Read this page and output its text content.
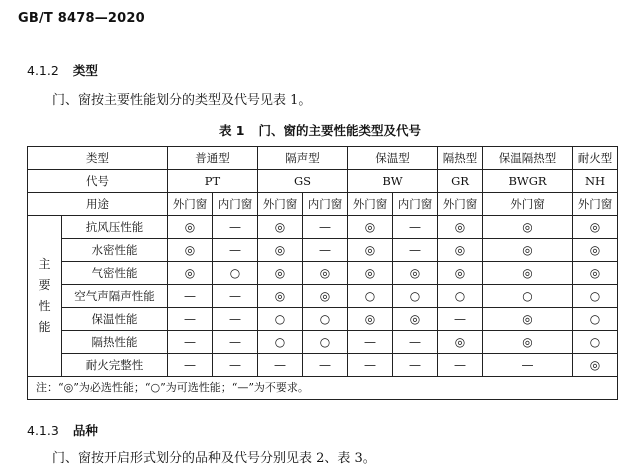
GB/T 8478—2020
4.1.2 类型
门、窗按主要性能划分的类型及代号见表 1。
表 1 门、窗的主要性能类型及代号
类型		普通型		隔声型		保温型		隔热型	保温隔热型	耐火型
代号		PT		GS		BW		GR	BWGR	NH
用途		外门窗	内门窗	外门窗	内门窗	外门窗	内门窗	外门窗	外门窗	外门窗
主
要
性
能	抗风压性能	◎	—	◎	—	◎	—	◎	◎	◎
	水密性能	◎	—	◎	—	◎	—	◎	◎	◎
	气密性能	◎	○	◎	◎	◎	◎	◎	◎	◎
	空气声隔声性能	—	—	◎	◎	○	○	○	○	○
	保温性能	—	—	○	○	◎	◎	—	◎	○
	隔热性能	—	—	○	○	—	—	◎	◎	○
	耐火完整性	—	—	—	—	—	—	—	—	◎
注：“◎”为必选性能；“○”为可选性能；“—”为不要求。										
4.1.3 品种
门、窗按开启形式划分的品种及代号分别见表 2、表 3。
